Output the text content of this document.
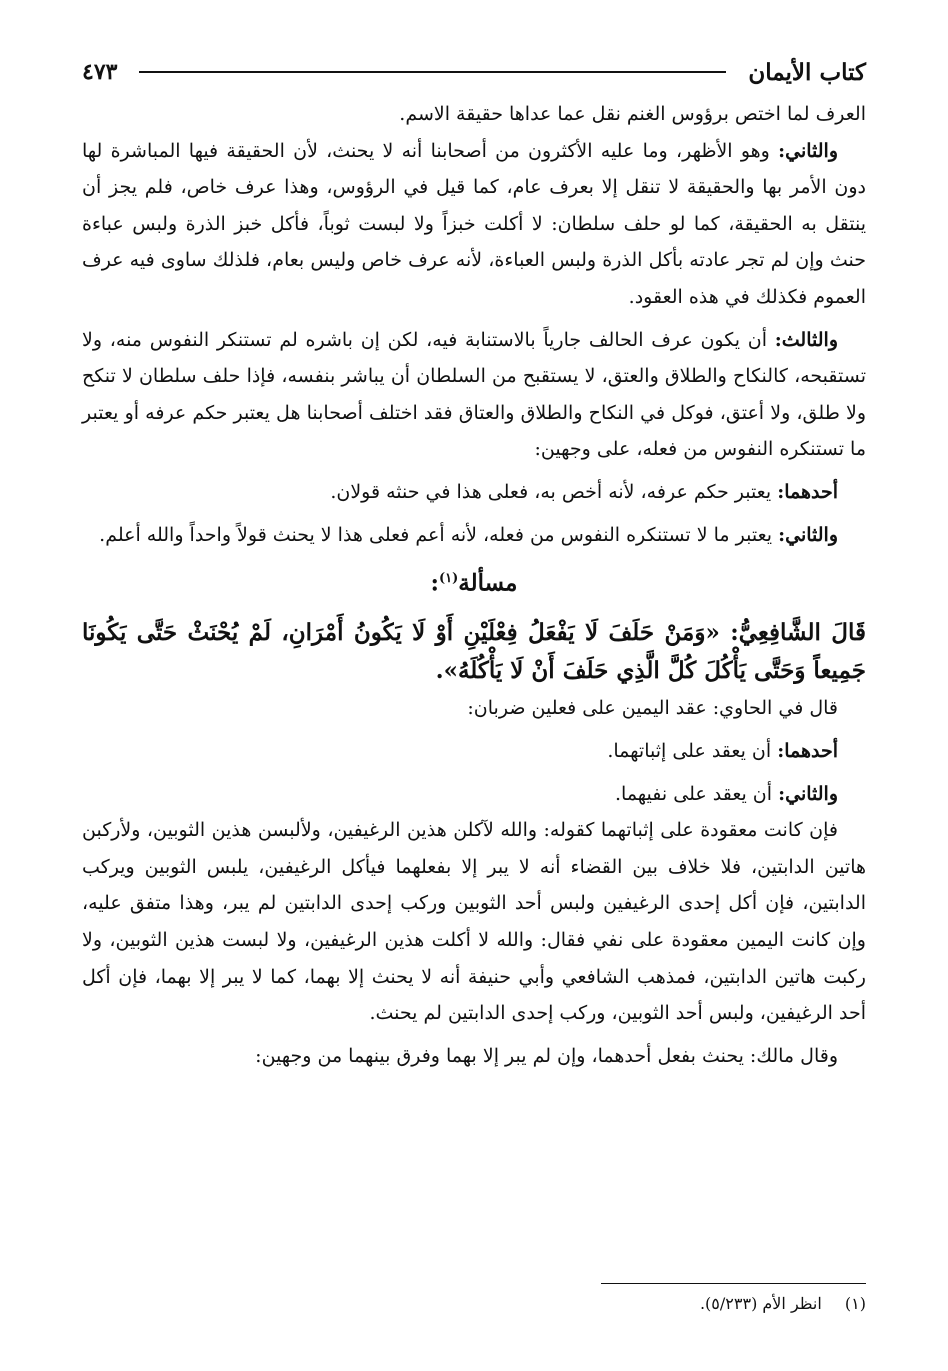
كتاب الأيمان
٤٧٣

العرف لما اختص برؤوس الغنم نقل عما عداها حقيقة الاسم.

والثاني: وهو الأظهر، وما عليه الأكثرون من أصحابنا أنه لا يحنث، لأن الحقيقة فيها المباشرة لها دون الأمر بها والحقيقة لا تنقل إلا بعرف عام، كما قيل في الرؤوس، وهذا عرف خاص، فلم يجز أن ينتقل به الحقيقة، كما لو حلف سلطان: لا أكلت خبزاً ولا لبست ثوباً، فأكل خبز الذرة ولبس عباءة حنث وإن لم تجر عادته بأكل الذرة ولبس العباءة، لأنه عرف خاص وليس بعام، فلذلك ساوى فيه عرف العموم فكذلك في هذه العقود.

والثالث: أن يكون عرف الحالف جارياً بالاستنابة فيه، لكن إن باشره لم تستنكر النفوس منه، ولا تستقبحه، كالنكاح والطلاق والعتق، لا يستقبح من السلطان أن يباشر بنفسه، فإذا حلف سلطان لا تنكح ولا طلق، ولا أعتق، فوكل في النكاح والطلاق والعتاق فقد اختلف أصحابنا هل يعتبر حكم عرفه أو يعتبر ما تستنكره النفوس من فعله، على وجهين:

أحدهما: يعتبر حكم عرفه، لأنه أخص به، فعلى هذا في حنثه قولان.

والثاني: يعتبر ما لا تستنكره النفوس من فعله، لأنه أعم فعلى هذا لا يحنث قولاً واحداً والله أعلم.

مسألة$^{(١)}$:

قَالَ الشَّافِعِيُّ: «وَمَنْ حَلَفَ لَا يَفْعَلُ فِعْلَيْنِ أَوْ لَا يَكُونُ أَمْرَانِ، لَمْ يُحْنَثْ حَتَّى يَكُونَا جَمِيعاً وَحَتَّى يَأْكُلَ كُلَّ الَّذِي حَلَفَ أَنْ لَا يَأْكُلَهُ».

قال في الحاوي: عقد اليمين على فعلين ضربان:

أحدهما: أن يعقد على إثباتهما.

والثاني: أن يعقد على نفيهما.

فإن كانت معقودة على إثباتهما كقوله: والله لآكلن هذين الرغيفين، ولألبسن هذين الثوبين، ولأركبن هاتين الدابتين، فلا خلاف بين القضاء أنه لا يبر إلا بفعلهما فيأكل الرغيفين، يلبس الثوبين ويركب الدابتين، فإن أكل إحدى الرغيفين ولبس أحد الثوبين وركب إحدى الدابتين لم يبر، وهذا متفق عليه، وإن كانت اليمين معقودة على نفي فقال: والله لا أكلت هذين الرغيفين، ولا لبست هذين الثوبين، ولا ركبت هاتين الدابتين، فمذهب الشافعي وأبي حنيفة أنه لا يحنث إلا بهما، كما لا يبر إلا بهما، فإن أكل أحد الرغيفين، ولبس أحد الثوبين، وركب إحدى الدابتين لم يحنث.

وقال مالك: يحنث بفعل أحدهما، وإن لم يبر إلا بهما وفرق بينهما من وجهين:

(١) انظر الأم (٥/٢٣٣).
